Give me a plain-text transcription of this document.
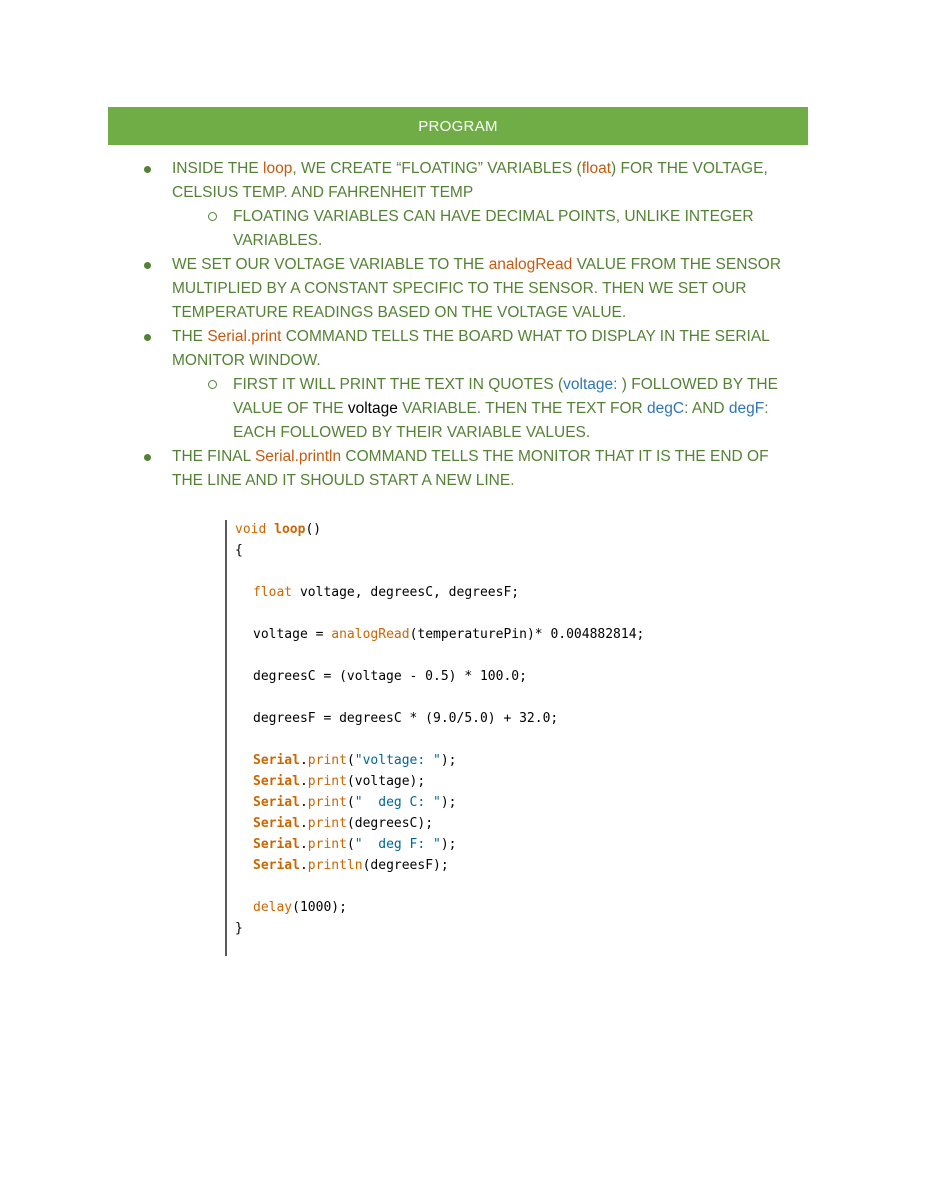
PROGRAM
INSIDE THE loop, WE CREATE “FLOATING” VARIABLES (float) FOR THE VOLTAGE, CELSIUS TEMP. AND FAHRENHEIT TEMP
FLOATING VARIABLES CAN HAVE DECIMAL POINTS, UNLIKE INTEGER VARIABLES.
WE SET OUR VOLTAGE VARIABLE TO THE analogRead VALUE FROM THE SENSOR MULTIPLIED BY A CONSTANT SPECIFIC TO THE SENSOR. THEN WE SET OUR TEMPERATURE READINGS BASED ON THE VOLTAGE VALUE.
THE Serial.print COMMAND TELLS THE BOARD WHAT TO DISPLAY IN THE SERIAL MONITOR WINDOW.
FIRST IT WILL PRINT THE TEXT IN QUOTES (voltage: ) FOLLOWED BY THE VALUE OF THE voltage VARIABLE. THEN THE TEXT FOR degC: AND degF: EACH FOLLOWED BY THEIR VARIABLE VALUES.
THE FINAL Serial.println COMMAND TELLS THE MONITOR THAT IT IS THE END OF THE LINE AND IT SHOULD START A NEW LINE.
void loop()
{
float voltage, degreesC, degreesF;
voltage = analogRead(temperaturePin)* 0.004882814;
degreesC = (voltage - 0.5) * 100.0;
degreesF = degreesC * (9.0/5.0) + 32.0;
Serial.print("voltage: ");
Serial.print(voltage);
Serial.print("  deg C: ");
Serial.print(degreesC);
Serial.print("  deg F: ");
Serial.println(degreesF);
delay(1000);
}
